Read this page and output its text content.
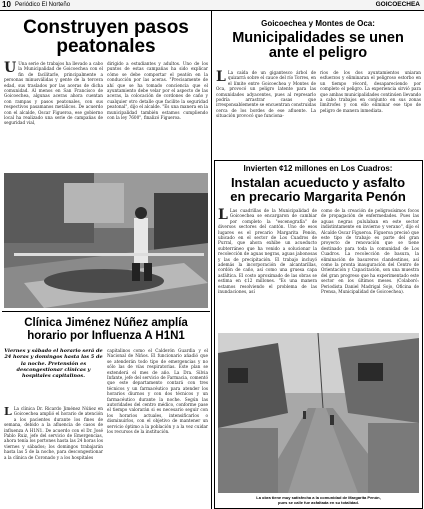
10 Periódico El Norteño	GOICOECHEA
Construyen pasos
peatonales
U Una serie de trabajos ha llevado a cabo la Municipalidad de Goicoechea con el fin de facilitarle, principalmente a personas minusválidas y gente de la tercera edad, sus traslados por las aceras de dicha comunidad. Al menos en San Francisco de Goicoechea, algunas aceras ahora cuentan con rampas y pasos peatonales, con sus respectivos pasamanos metálicos. De acuerdo con el alcalde, Oscar Figueroa, ese gobierno local ha realizado una serie de campañas de seguridad vial,
dirigido a estudiantes y adultos. Uno de los puntos de estas campañas ha sido explicar cómo se debe comportar el peatón en la conducción por las aceras. "Precisamente de ahí que se ha tomado conciencia que el ayuntamiento debe velar por el aspecto de las aceras, la colocación de cordones de caño y cualquier otro detalle que facilite la seguridad peatonal", dijo el alcalde. "Es una manera en la municipalidad también estamos cumpliendo con la ley 7600", finalizó Figueroa.
Clínica Jiménez Núñez amplía
horario por Influenza A H1N1
Viernes y sábado el horario será de 24 horas y domingos hasta las 5 de la noche. Pretensión es descongestionar clínicas y hospitales capitalinos.
L La clínica Dr. Ricardo Jiménez Núñez en Goicoechea amplió el horario de atención a los pacientes durante los fines de semana, debido a la afluencia de casos de influenza A H1N1. De acuerdo con el Dr. José Pablo Ruiz, jefe del servicio de Emergencias, ahora tenía los portones hasta las 24 horas los viernes y sábados; los domingos trabajarán hasta las 5 de la noche, para descongestionar a la clínica de Coronado y a los hospitales
capitalinos como el Calderón Guardia y el Nacional de Niños. El funcionario añadió que se atenderán todo tipo de emergencias y no sólo las de vías respiratorias. Este plan se extenderá el mes de año. La Dra. Silvia Infante, jefe del servicio de Farmacia, comentó que este departamento contará con tres técnicos y un farmacéutico para atender los horarios diurnos y con dos técnicos y un farmacéutico durante la noche. Según las autoridades del centro médico, conforme pase el tiempo valorarán si es necesario seguir con los horarios actuales, intensificarlos o disminuirlos, con el objetivo de mantener un servicio óptimo a la población y a la vez cuidar los recursos de la institución.
Goicoechea y Montes de Oca:
Municipalidades se unen
ante el peligro
L La caída de un gigantesco árbol de quizarrá sobre el cauce del río Torres, en el límite entre Goicoechea y Montes de Oca, provocó un peligro latente para las comunidades adyacentes, pues al represarlo podría arrastrar casas que irresponsablemente se encuentran construidas cerca de los bordes de ese afluente. La situación provocó que funciona-
rios de los dos ayuntamientos uniaran esfuerzos y eliminaran el peligroso estorbo en un tiempo récord, desapareciendo por completo el peligro. La experiencia sirvió para que ambas municipalidades continúen llevando a cabo trabajos en conjunto en sus zonas limítrofes y con ello eliminar ese tipo de peligro de manera inmediata.
Invierten ¢12 millones en Los Cuadros:
Instalan acueducto y asfalto
en precario Margarita Penón
L Las cuadrillas de la Municipalidad de Goicoechea se encargaron de cambiar por completo la "escenografía" de diversos sectores del cantón. Uno de esos lugares es el precario Margarita Penón, ubicado en el sector de Los Cuadros de Purral, que ahora exhibe un acueducto subterráneo que ha venido a solucionar la recolección de aguas negras, aguas jabonosas y las de precipitación. El trabajo incluyó además la incorporación de alcantarillas, cordón de caño, así como una gruesa capa asfáltica. El costo aproximado de las obras se estima en ¢12 millones. "Es una manera estamos resolviendo el problema de las inundaciones, así
como de la creación de peligrosísimos focos de propagación de enfermedades. Pues las aguas negras pululaban en este sector indistintamente en invierno y verano", dijo el Alcalde Oscar Figueroa. Figueroa precisó que este tipo de trabajo es parte del gran proyecto de renovación que se tiene destinado para toda la comunidad de Los Cuadros. La recolección de basura, la eliminación de basureros clandestinos, así como la pronta inauguración del Centro de Orientación y Capacitación, son una muestra del gran progreso que ha experimentado este sector en los últimos meses. (Colaboró: Periodista Daniel Madrigal Sojo, Oficina de Prensa, Municipalidad de Goicoechea).
La obra tiene muy satisfecha a la comunidad de Margarita Penón,
pues se calle fue asfaltada en su totalidad.
